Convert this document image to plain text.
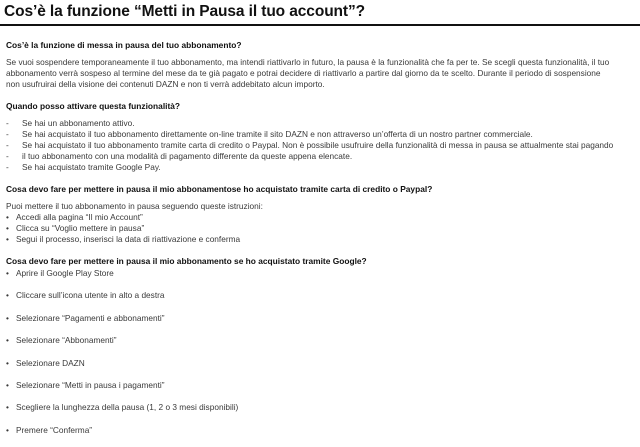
Cos’è la funzione “Metti in Pausa il tuo account”?

Cos’è la funzione di messa in pausa del tuo abbonamento?

Se vuoi sospendere temporaneamente il tuo abbonamento, ma intendi riattivarlo in futuro, la pausa è la funzionalità che fa per te. Se scegli questa funzionalità, il tuo

abbonamento verrà sospeso al termine del mese da te già pagato e potrai decidere di riattivarlo a partire dal giorno da te scelto. Durante il periodo di sospensione

non usufruirai della visione dei contenuti DAZN e non ti verrà addebitato alcun importo.

Quando posso attivare questa funzionalità?

- Se hai un abbonamento attivo.
- Se hai acquistato il tuo abbonamento direttamente on-line tramite il sito DAZN e non attraverso un’offerta di un nostro partner commerciale.
- Se hai acquistato il tuo abbonamento tramite carta di credito o Paypal. Non è possibile usufruire della funzionalità di messa in pausa se attualmente stai pagando
- il tuo abbonamento con una modalità di pagamento differente da queste appena elencate.
- Se hai acquistato tramite Google Pay.

Cosa devo fare per mettere in pausa il mio abbonamentose ho acquistato tramite carta di credito o Paypal?

Puoi mettere il tuo abbonamento in pausa seguendo queste istruzioni:

• Accedi alla pagina “Il mio Account”
• Clicca su “Voglio mettere in pausa”
• Segui il processo, inserisci la data di riattivazione e conferma

Cosa devo fare per mettere in pausa il mio abbonamento se ho acquistato tramite Google?

• Aprire il Google Play Store
• Cliccare sull’icona utente in alto a destra
• Selezionare “Pagamenti e abbonamenti”
• Selezionare “Abbonamenti”
• Selezionare DAZN
• Selezionare “Metti in pausa i pagamenti”
• Scegliere la lunghezza della pausa (1, 2 o 3 mesi disponibili)
• Premere “Conferma”
